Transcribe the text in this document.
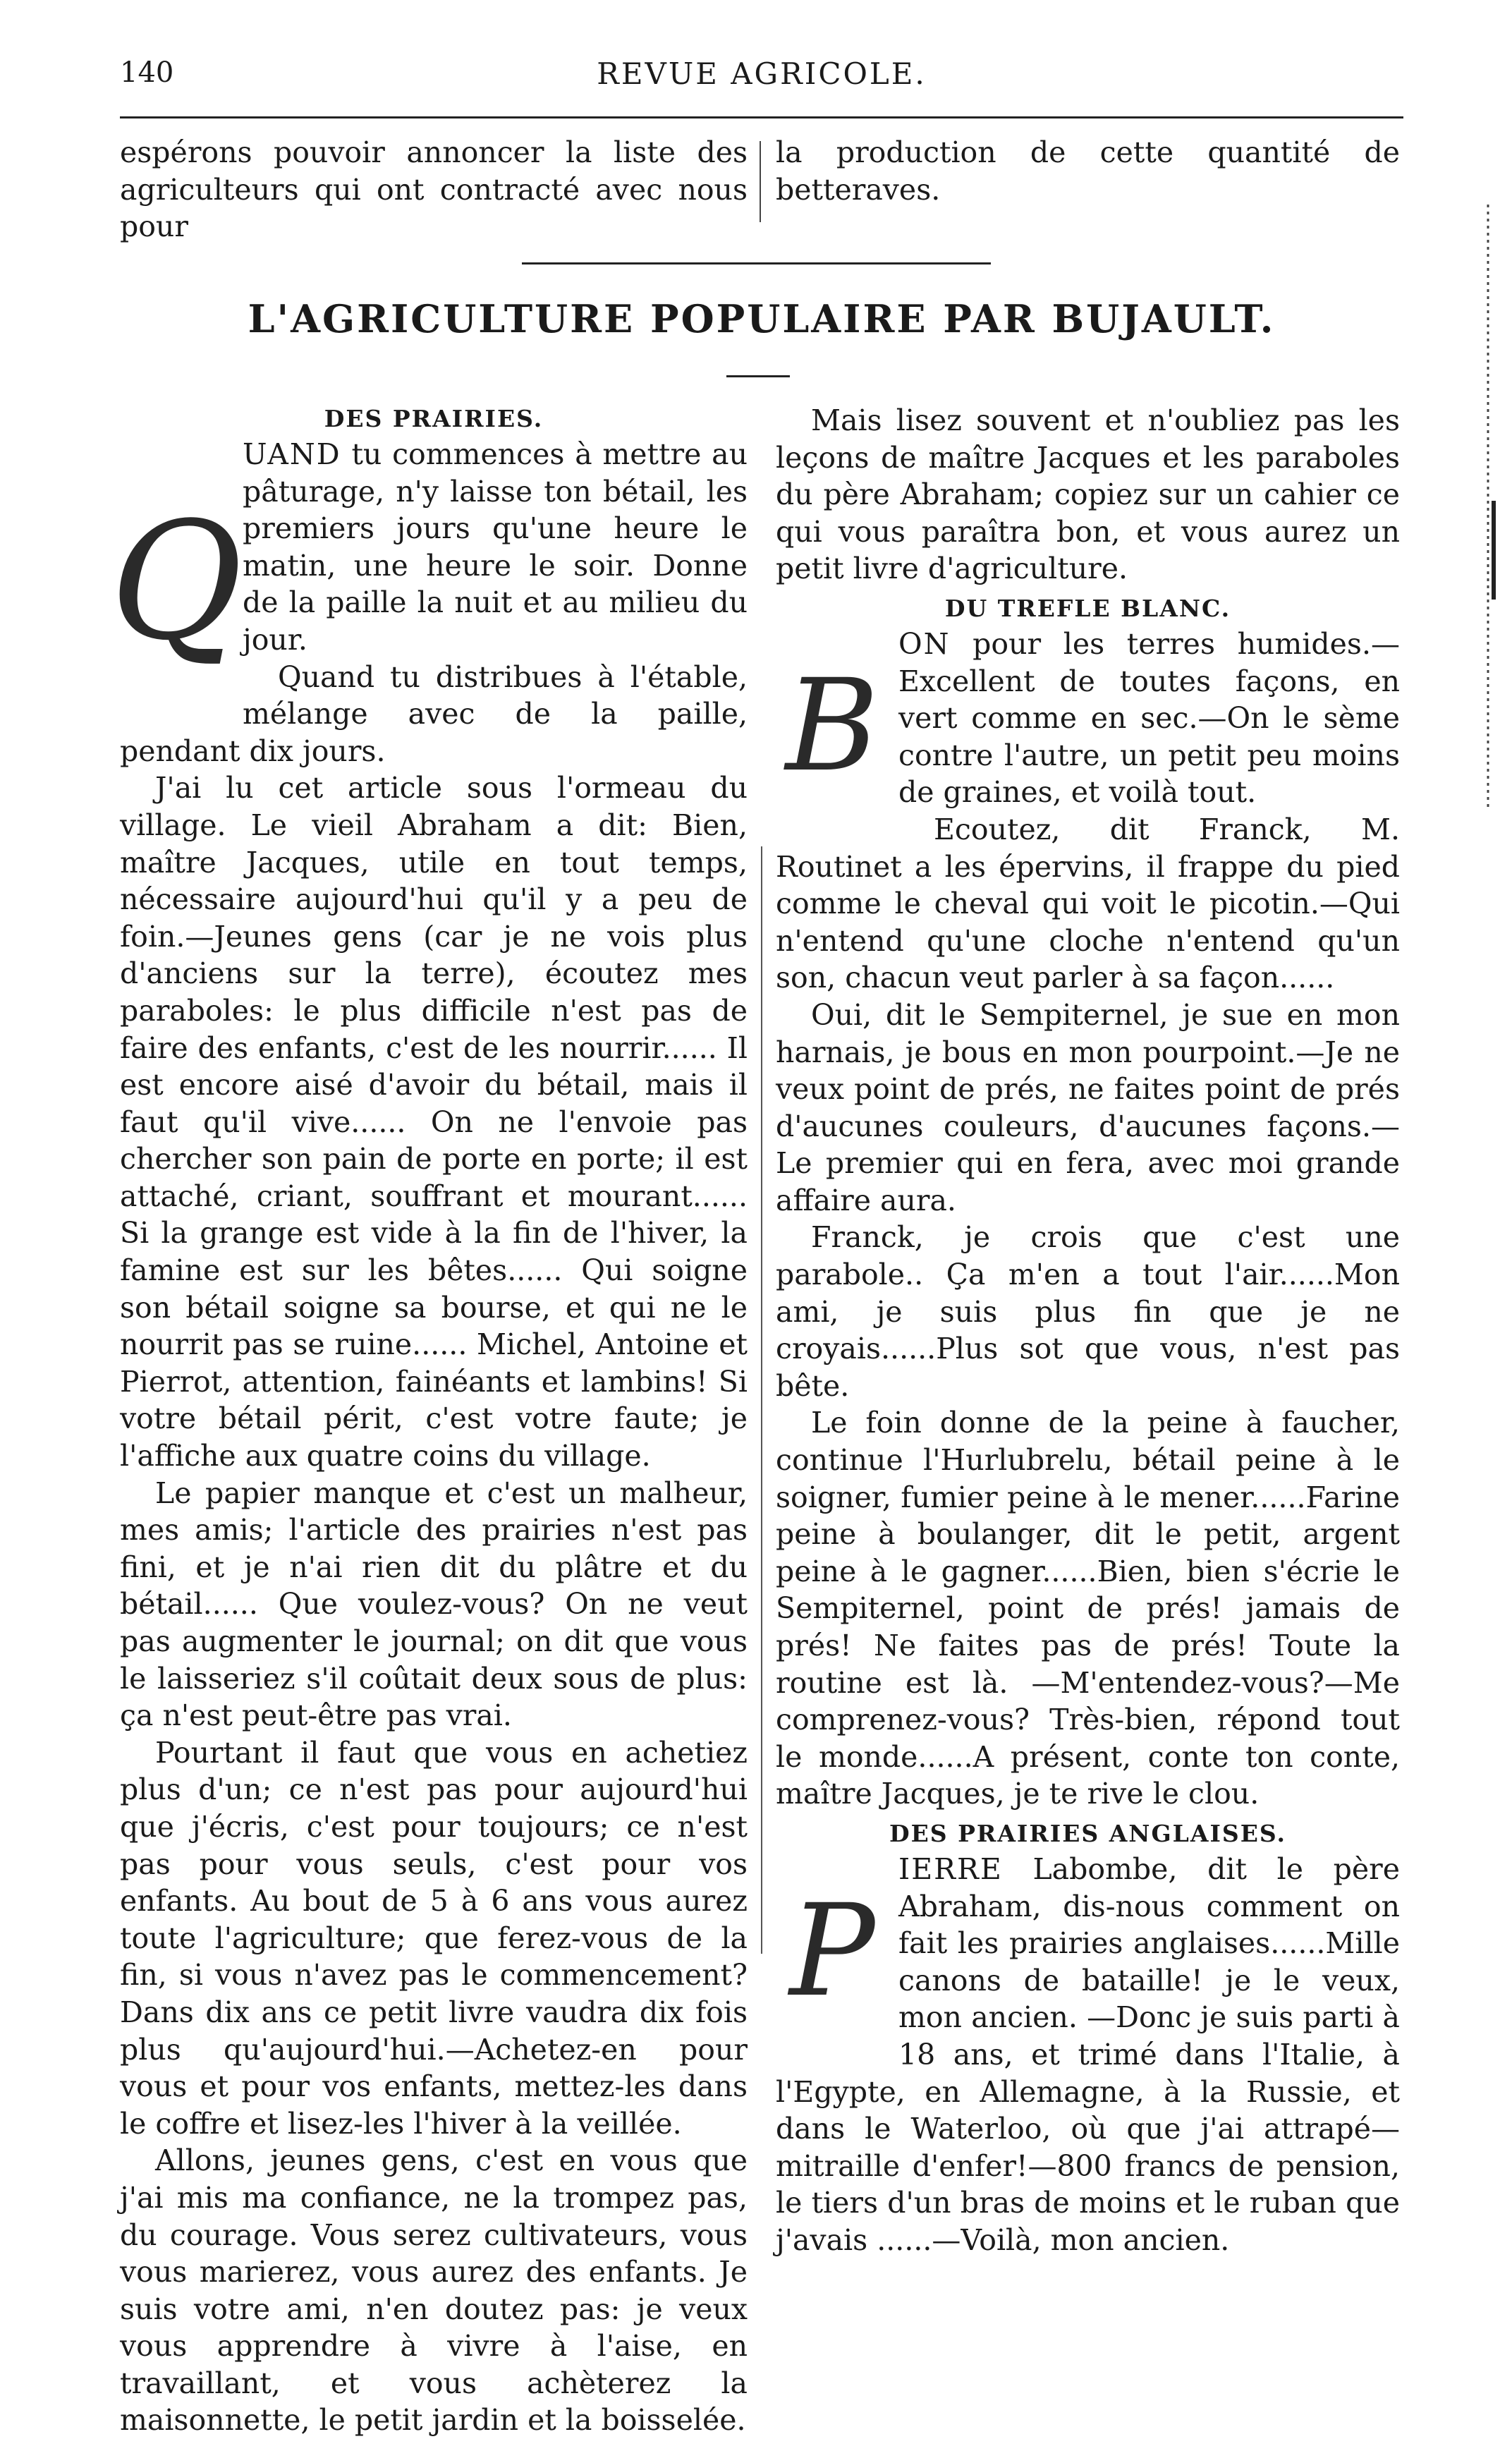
140	REVUE AGRICOLE.

espérons pouvoir annoncer la liste des agriculteurs qui ont contracté avec nous pour

la production de cette quantité de betteraves.

L'AGRICULTURE POPULAIRE PAR BUJAULT.
DES PRAIRIES.

Q
UAND tu commences à mettre au pâturage, n'y laisse ton bétail, les premiers jours qu'une heure le matin, une heure le soir. Donne de la paille la nuit et au milieu du jour.

Quand tu distribues à l'étable, mélange avec de la paille, pendant dix jours.

J'ai lu cet article sous l'ormeau du village. Le vieil Abraham a dit: Bien, maître Jacques, utile en tout temps, nécessaire aujourd'hui qu'il y a peu de foin.—Jeunes gens (car je ne vois plus d'anciens sur la terre), écoutez mes paraboles: le plus difficile n'est pas de faire des enfants, c'est de les nourrir...... Il est encore aisé d'avoir du bétail, mais il faut qu'il vive...... On ne l'envoie pas chercher son pain de porte en porte; il est attaché, criant, souffrant et mourant...... Si la grange est vide à la fin de l'hiver, la famine est sur les bêtes...... Qui soigne son bétail soigne sa bourse, et qui ne le nourrit pas se ruine...... Michel, Antoine et Pierrot, attention, fainéants et lambins! Si votre bétail périt, c'est votre faute; je l'affiche aux quatre coins du village.

Le papier manque et c'est un malheur, mes amis; l'article des prairies n'est pas fini, et je n'ai rien dit du plâtre et du bétail...... Que voulez-vous? On ne veut pas augmenter le journal; on dit que vous le laisseriez s'il coûtait deux sous de plus: ça n'est peut-être pas vrai.

Pourtant il faut que vous en achetiez plus d'un; ce n'est pas pour aujourd'hui que j'écris, c'est pour toujours; ce n'est pas pour vous seuls, c'est pour vos enfants. Au bout de 5 à 6 ans vous aurez toute l'agriculture; que ferez-vous de la fin, si vous n'avez pas le commencement? Dans dix ans ce petit livre vaudra dix fois plus qu'aujourd'hui.—Achetez-en pour vous et pour vos enfants, mettez-les dans le coffre et lisez-les l'hiver à la veillée.

Allons, jeunes gens, c'est en vous que j'ai mis ma confiance, ne la trompez pas, du courage. Vous serez cultivateurs, vous vous marierez, vous aurez des enfants. Je suis votre ami, n'en doutez pas: je veux vous apprendre à vivre à l'aise, en travaillant, et vous achèterez la maisonnette, le petit jardin et la boisselée.

Mais lisez souvent et n'oubliez pas les leçons de maître Jacques et les paraboles du père Abraham; copiez sur un cahier ce qui vous paraîtra bon, et vous aurez un petit livre d'agriculture.

DU TREFLE BLANC.

B
ON pour les terres humides.—Excellent de toutes façons, en vert comme en sec.—On le sème contre l'autre, un petit peu moins de graines, et voilà tout.

Ecoutez, dit Franck, M. Routinet a les épervins, il frappe du pied comme le cheval qui voit le picotin.—Qui n'entend qu'une cloche n'entend qu'un son, chacun veut parler à sa façon......

Oui, dit le Sempiternel, je sue en mon harnais, je bous en mon pourpoint.—Je ne veux point de prés, ne faites point de prés d'aucunes couleurs, d'aucunes façons.—Le premier qui en fera, avec moi grande affaire aura.

Franck, je crois que c'est une parabole.. Ça m'en a tout l'air......Mon ami, je suis plus fin que je ne croyais......Plus sot que vous, n'est pas bête.

Le foin donne de la peine à faucher, continue l'Hurlubrelu, bétail peine à le soigner, fumier peine à le mener......Farine peine à boulanger, dit le petit, argent peine à le gagner......Bien, bien s'écrie le Sempiternel, point de prés! jamais de prés! Ne faites pas de prés! Toute la routine est là. —M'entendez-vous?—Me comprenez-vous? Très-bien, répond tout le monde......A présent, conte ton conte, maître Jacques, je te rive le clou.

DES PRAIRIES ANGLAISES.

P
IERRE Labombe, dit le père Abraham, dis-nous comment on fait les prairies anglaises......Mille canons de bataille! je le veux, mon ancien. —Donc je suis parti à 18 ans, et trimé dans l'Italie, à l'Egypte, en Allemagne, à la Russie, et dans le Waterloo, où que j'ai attrapé—mitraille d'enfer!—800 francs de pension, le tiers d'un bras de moins et le ruban que j'avais ......—Voilà, mon ancien.
